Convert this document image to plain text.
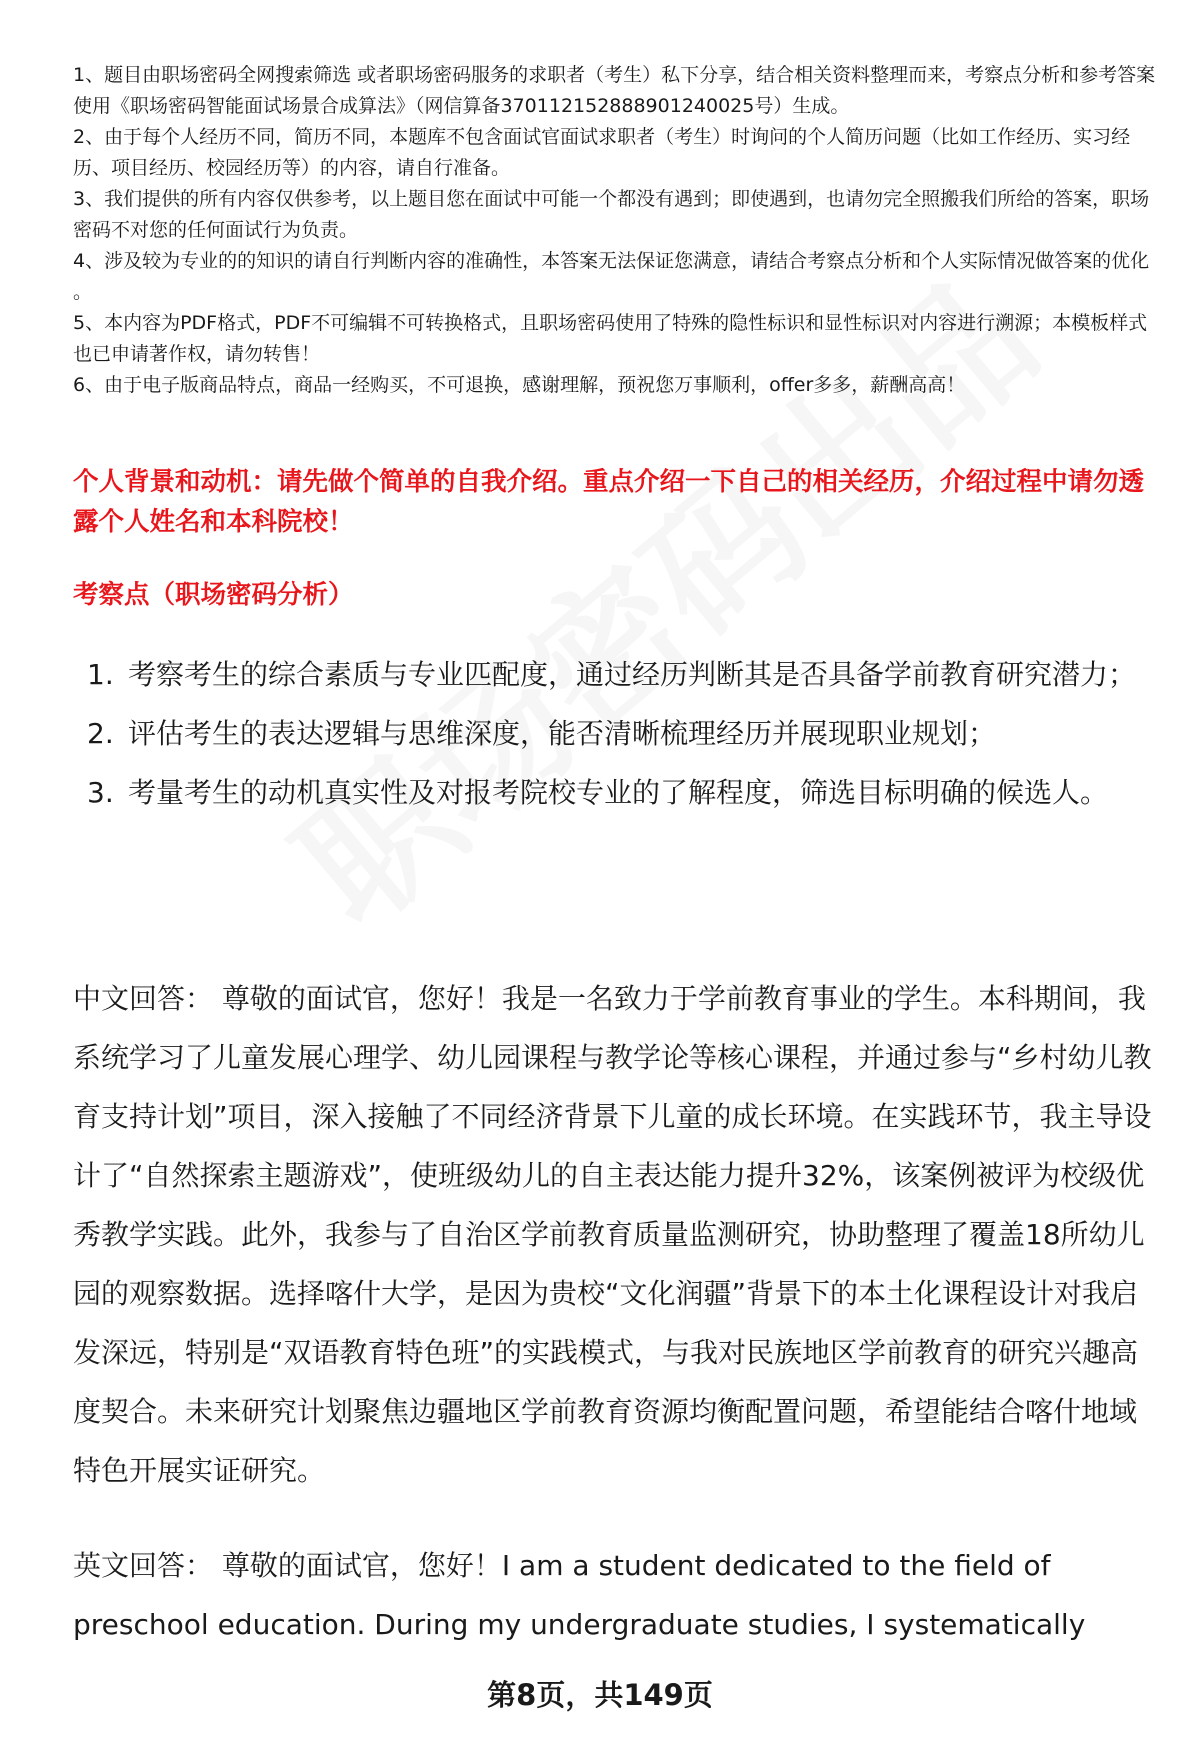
1、题目由职场密码全网搜索筛选 或者职场密码服务的求职者（考生）私下分享，结合相关资料整理而来，考察点分析和参考答案使用《职场密码智能面试场景合成算法》（网信算备370112152888901240025号）生成。

2、由于每个人经历不同，简历不同，本题库不包含面试官面试求职者（考生）时询问的个人简历问题（比如工作经历、实习经历、项目经历、校园经历等）的内容，请自行准备。

3、我们提供的所有内容仅供参考，以上题目您在面试中可能一个都没有遇到；即使遇到，也请勿完全照搬我们所给的答案，职场密码不对您的任何面试行为负责。

4、涉及较为专业的的知识的请自行判断内容的准确性，本答案无法保证您满意，请结合考察点分析和个人实际情况做答案的优化 。

5、本内容为PDF格式，PDF不可编辑不可转换格式，且职场密码使用了特殊的隐性标识和显性标识对内容进行溯源；本模板样式也已申请著作权，请勿转售！

6、由于电子版商品特点，商品一经购买，不可退换，感谢理解，预祝您万事顺利，offer多多，薪酬高高！

个人背景和动机：请先做个简单的自我介绍。重点介绍一下自己的相关经历，介绍过程中请勿透露个人姓名和本科院校！

考察点（职场密码分析）

1. 考察考生的综合素质与专业匹配度，通过经历判断其是否具备学前教育研究潜力；
2. 评估考生的表达逻辑与思维深度，能否清晰梳理经历并展现职业规划；
3. 考量考生的动机真实性及对报考院校专业的了解程度，筛选目标明确的候选人。

中文回答： 尊敬的面试官，您好！我是一名致力于学前教育事业的学生。本科期间，我系统学习了儿童发展心理学、幼儿园课程与教学论等核心课程，并通过参与“乡村幼儿教育支持计划”项目，深入接触了不同经济背景下儿童的成长环境。在实践环节，我主导设计了“自然探索主题游戏”，使班级幼儿的自主表达能力提升32%，该案例被评为校级优秀教学实践。此外，我参与了自治区学前教育质量监测研究，协助整理了覆盖18所幼儿园的观察数据。选择喀什大学，是因为贵校“文化润疆”背景下的本土化课程设计对我启发深远，特别是“双语教育特色班”的实践模式，与我对民族地区学前教育的研究兴趣高度契合。未来研究计划聚焦边疆地区学前教育资源均衡配置问题，希望能结合喀什地域特色开展实证研究。

英文回答： 尊敬的面试官，您好！I am a student dedicated to the field of preschool education. During my undergraduate studies, I systematically

第8页，共149页
